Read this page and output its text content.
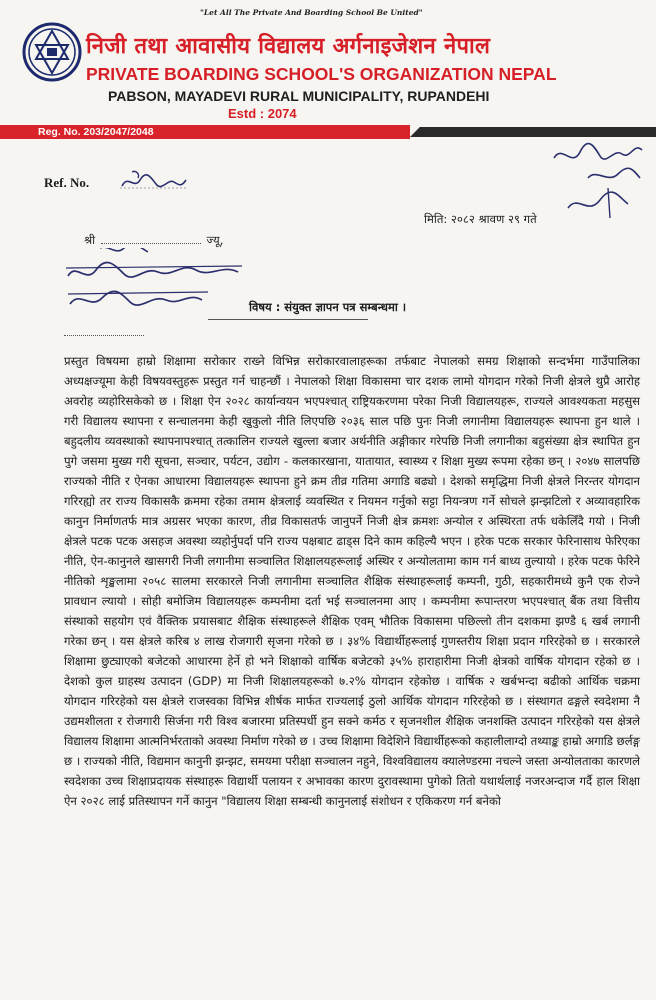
"Let All The Private And Boarding School Be United"
निजी तथा आवासीय विद्यालय अर्गनाइजेशन नेपाल
PRIVATE BOARDING SCHOOL'S ORGANIZATION NEPAL
PABSON, MAYADEVI RURAL MUNICIPALITY, RUPANDEHI
Estd : 2074
Reg. No. 203/2047/2048
Ref. No.
मिति: २०८२ श्रावण २९ गते
श्री	ज्यू,
विषय : संयुक्त ज्ञापन पत्र सम्बन्धमा ।

प्रस्तुत विषयमा हाम्रो शिक्षामा सरोकार राख्ने विभिन्न सरोकारवालाहरूका तर्फबाट नेपालको समग्र शिक्षाको सन्दर्भमा गाउँपालिका अध्यक्षज्यूमा केही विषयवस्तुहरू प्रस्तुत गर्न चाहन्छौं । नेपालको शिक्षा विकासमा चार दशक लामो योगदान गरेको निजी क्षेत्रले थुप्रै आरोह अवरोह व्यहोरिसकेको छ । शिक्षा ऐन २०२८ कार्यान्वयन भएपश्चात् राष्ट्रियकरणमा परेका निजी विद्यालयहरू, राज्यले आवश्यकता महसुस गरी विद्यालय स्थापना र सन्चालनमा केही खुकुलो नीति लिएपछि २०३६ साल पछि पुनः निजी लगानीमा विद्यालयहरू स्थापना हुन थाले । बहुदलीय व्यवस्थाको स्थापनापश्चात् तत्कालिन राज्यले खुल्ला बजार अर्थनीति अङ्गीकार गरेपछि निजी लगानीका बहुसंख्या क्षेत्र स्थापित हुन पुगे जसमा मुख्य गरी सूचना, सञ्चार, पर्यटन, उद्योग - कलकारखाना, यातायात, स्वास्थ्य र शिक्षा मुख्य रूपमा रहेका छन् । २०४७ सालपछि राज्यको नीति र ऐनका आधारमा विद्यालयहरू स्थापना हुने क्रम तीव्र गतिमा अगाडि बढ्यो । देशको समृद्धिमा निजी क्षेत्रले निरन्तर योगदान गरिरह्यो तर राज्य विकासकै क्रममा रहेका तमाम क्षेत्रलाई व्यवस्थित र नियमन गर्नुको सट्टा नियन्त्रण गर्ने सोचले झन्झटिलो र अव्यावहारिक कानुन निर्माणतर्फ मात्र अग्रसर भएका कारण, तीव्र विकासतर्फ जानुपर्ने निजी क्षेत्र क्रमशः अन्योल र अस्थिरता तर्फ धकेलिँदै गयो । निजी क्षेत्रले पटक पटक असहज अवस्था व्यहोर्नुपर्दा पनि राज्य पक्षबाट ढाड्स दिने काम कहिल्यै भएन । हरेक पटक सरकार फेरिनासाथ फेरिएका नीति, ऐन-कानुनले खासगरी निजी लगानीमा सञ्चालित शिक्षालयहरूलाई अस्थिर र अन्योलतामा काम गर्न बाध्य तुल्यायो । हरेक पटक फेरिने नीतिको शृङ्खलामा २०५८ सालमा सरकारले निजी लगानीमा सञ्चालित शैक्षिक संस्थाहरूलाई कम्पनी, गुठी, सहकारीमध्ये कुनै एक रोज्ने प्रावधान ल्यायो । सोही बमोजिम विद्यालयहरू कम्पनीमा दर्ता भई सञ्चालनमा आए । कम्पनीमा रूपान्तरण भएपश्चात् बैंक तथा वित्तीय संस्थाको सहयोग एवं वैक्तिक प्रयासबाट शैक्षिक संस्थाहरूले शैक्षिक एवम् भौतिक विकासमा पछिल्लो तीन दशकमा झण्डै ६ खर्ब लगानी गरेका छन् । यस क्षेत्रले करिब ४ लाख रोजगारी सृजना गरेको छ । ३४% विद्यार्थीहरूलाई गुणस्तरीय शिक्षा प्रदान गरिरहेको छ । सरकारले शिक्षामा छुट्याएको बजेटको आधारमा हेर्ने हो भने शिक्षाको वार्षिक बजेटको ३५% हाराहारीमा निजी क्षेत्रको वार्षिक योगदान रहेको छ । देशको कुल ग्राहस्थ उत्पादन (GDP) मा निजी शिक्षालयहरूको ७.२% योगदान रहेकोछ । वार्षिक २ खर्बभन्दा बढीको आर्थिक चक्रमा योगदान गरिरहेको यस क्षेत्रले राजस्वका विभिन्न शीर्षक मार्फत राज्यलाई ठुलो आर्थिक योगदान गरिरहेको छ । संस्थागत ढङ्गले स्वदेशमा नै उद्यमशीलता र रोजगारी सिर्जना गरी विश्व बजारमा प्रतिस्पर्धी हुन सक्ने कर्मठ र सृजनशील शैक्षिक जनशक्ति उत्पादन गरिरहेको यस क्षेत्रले विद्यालय शिक्षामा आत्मनिर्भरताको अवस्था निर्माण गरेको छ । उच्च शिक्षामा विदेशिने विद्यार्थीहरूको कहालीलाग्दो तथ्याङ्क हाम्रो अगाडि छर्लङ्ग छ । राज्यको नीति, विद्यमान कानुनी झन्झट, समयमा परीक्षा सञ्चालन नहुने, विश्वविद्यालय क्यालेण्डरमा नचल्ने जस्ता अन्योलताका कारणले स्वदेशका उच्च शिक्षाप्रदायक संस्थाहरू विद्यार्थी पलायन र अभावका कारण दुरावस्थामा पुगेको तितो यथार्थलाई नजरअन्दाज गर्दै हाल शिक्षा ऐन २०२८ लाई प्रतिस्थापन गर्ने कानुन "विद्यालय शिक्षा सम्बन्धी कानुनलाई संशोधन र एकिकरण गर्न बनेको
